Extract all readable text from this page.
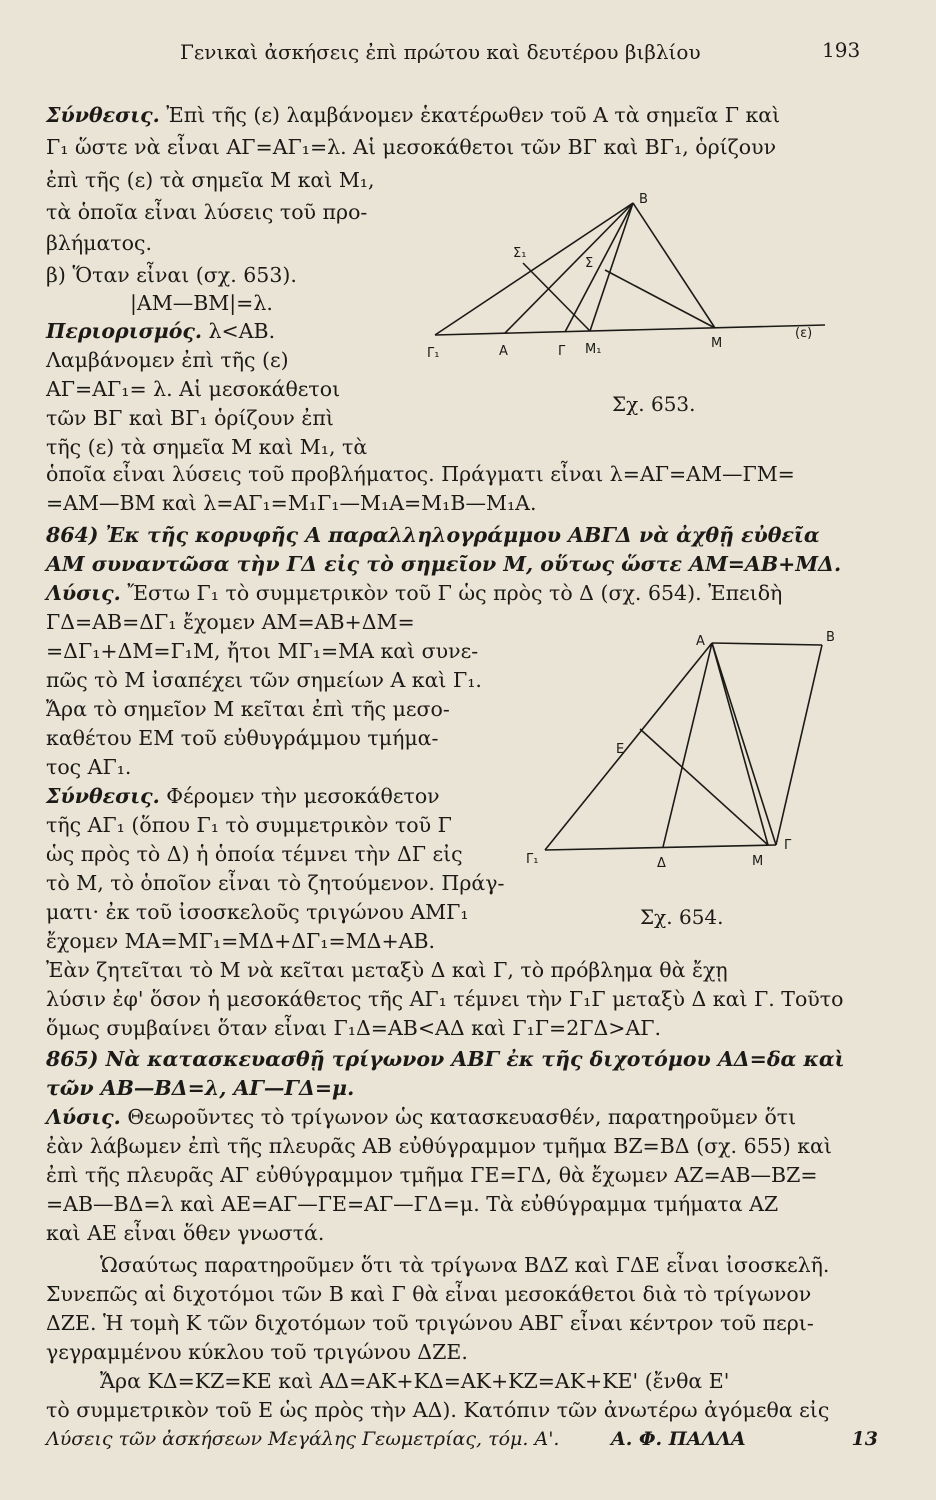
Γενικαὶ ἀσκήσεις ἐπὶ πρώτου καὶ δευτέρου βιβλίου	193
Σύνθεσις. Ἐπὶ τῆς (ε) λαμβάνομεν ἑκατέρωθεν τοῦ Α τὰ σημεῖα Γ καὶ
Γ₁ ὥστε νὰ εἶναι ΑΓ=ΑΓ₁=λ. Αἱ μεσοκάθετοι τῶν ΒΓ καὶ ΒΓ₁, ὁρίζουν
ἐπὶ τῆς (ε) τὰ σημεῖα Μ καὶ Μ₁,
τὰ ὁποῖα εἶναι λύσεις τοῦ προ-
βλήματος.
β) Ὅταν εἶναι (σχ. 653).
|ΑΜ—ΒΜ|=λ.
Περιορισμός. λ<ΑΒ.
Λαμβάνομεν ἐπὶ τῆς (ε)
ΑΓ=ΑΓ₁= λ. Αἱ μεσοκάθετοι
τῶν ΒΓ καὶ ΒΓ₁ ὁρίζουν ἐπὶ
τῆς (ε) τὰ σημεῖα Μ καὶ Μ₁, τὰ
ὁποῖα εἶναι λύσεις τοῦ προβλήματος. Πράγματι εἶναι λ=ΑΓ=ΑΜ—ΓΜ=
=ΑΜ—ΒΜ καὶ λ=ΑΓ₁=Μ₁Γ₁—Μ₁Α=Μ₁Β—Μ₁Α.
864) Ἐκ τῆς κορυφῆς Α παραλληλογράμμου ΑΒΓΔ νὰ ἀχθῇ εὐθεῖα
ΑΜ συναντῶσα τὴν ΓΔ εἰς τὸ σημεῖον Μ, οὕτως ὥστε ΑΜ=ΑΒ+ΜΔ.
Λύσις. Ἔστω Γ₁ τὸ συμμετρικὸν τοῦ Γ ὡς πρὸς τὸ Δ (σχ. 654). Ἐπειδὴ
ΓΔ=ΑΒ=ΔΓ₁ ἔχομεν ΑΜ=ΑΒ+ΔΜ=
=ΔΓ₁+ΔΜ=Γ₁Μ, ἤτοι ΜΓ₁=ΜΑ καὶ συνε-
πῶς τὸ Μ ἰσαπέχει τῶν σημείων Α καὶ Γ₁.
Ἄρα τὸ σημεῖον Μ κεῖται ἐπὶ τῆς μεσο-
καθέτου ΕΜ τοῦ εὐθυγράμμου τμήμα-
τος ΑΓ₁.
Σύνθεσις. Φέρομεν τὴν μεσοκάθετον
τῆς ΑΓ₁ (ὅπου Γ₁ τὸ συμμετρικὸν τοῦ Γ
ὡς πρὸς τὸ Δ) ἡ ὁποία τέμνει τὴν ΔΓ εἰς
τὸ Μ, τὸ ὁποῖον εἶναι τὸ ζητούμενον. Πράγ-
ματι· ἐκ τοῦ ἰσοσκελοῦς τριγώνου ΑΜΓ₁
ἔχομεν ΜΑ=ΜΓ₁=ΜΔ+ΔΓ₁=ΜΔ+ΑΒ.
Ἐὰν ζητεῖται τὸ Μ νὰ κεῖται μεταξὺ Δ καὶ Γ, τὸ πρόβλημα θὰ ἔχῃ
λύσιν ἐφ' ὅσον ἡ μεσοκάθετος τῆς ΑΓ₁ τέμνει τὴν Γ₁Γ μεταξὺ Δ καὶ Γ. Τοῦτο
ὅμως συμβαίνει ὅταν εἶναι Γ₁Δ=ΑΒ<ΑΔ καὶ Γ₁Γ=2ΓΔ>ΑΓ.
865) Νὰ κατασκευασθῇ τρίγωνον ΑΒΓ ἐκ τῆς διχοτόμου ΑΔ=δα καὶ
τῶν ΑΒ—ΒΔ=λ, ΑΓ—ΓΔ=μ.
Λύσις. Θεωροῦντες τὸ τρίγωνον ὡς κατασκευασθέν, παρατηροῦμεν ὅτι
ἐὰν λάβωμεν ἐπὶ τῆς πλευρᾶς ΑΒ εὐθύγραμμον τμῆμα ΒΖ=ΒΔ (σχ. 655) καὶ
ἐπὶ τῆς πλευρᾶς ΑΓ εὐθύγραμμον τμῆμα ΓΕ=ΓΔ, θὰ ἔχωμεν ΑΖ=ΑΒ—ΒΖ=
=ΑΒ—ΒΔ=λ καὶ ΑΕ=ΑΓ—ΓΕ=ΑΓ—ΓΔ=μ. Τὰ εὐθύγραμμα τμήματα ΑΖ
καὶ ΑΕ εἶναι ὅθεν γνωστά.
Ὡσαύτως παρατηροῦμεν ὅτι τὰ τρίγωνα ΒΔΖ καὶ ΓΔΕ εἶναι ἰσοσκελῆ.
Συνεπῶς αἱ διχοτόμοι τῶν Β καὶ Γ θὰ εἶναι μεσοκάθετοι διὰ τὸ τρίγωνον
ΔΖΕ. Ἡ τομὴ Κ τῶν διχοτόμων τοῦ τριγώνου ΑΒΓ εἶναι κέντρον τοῦ περι-
γεγραμμένου κύκλου τοῦ τριγώνου ΔΖΕ.
Ἄρα ΚΔ=ΚΖ=ΚΕ καὶ ΑΔ=ΑΚ+ΚΔ=ΑΚ+ΚΖ=ΑΚ+ΚΕ' (ἔνθα Ε'
τὸ συμμετρικὸν τοῦ Ε ὡς πρὸς τὴν ΑΔ). Κατόπιν τῶν ἀνωτέρω ἀγόμεθα εἰς
B
Σ₁
Σ
Γ₁	A	Γ M₁	M
(ε)
Σχ. 653.
A	B
E
Γ₁	Δ	M
Γ
Σχ. 654.
Λύσεις τῶν ἀσκήσεων Μεγάλης Γεωμετρίας, τόμ. Α'.	Α. Φ. ΠΑΛΛΑ	13
